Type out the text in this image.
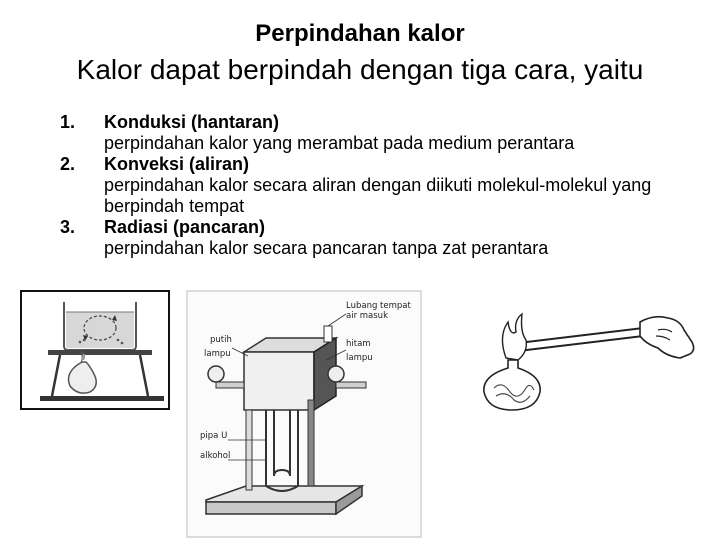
Perpindahan kalor
Kalor dapat berpindah dengan tiga cara, yaitu
1.	Konduksi (hantaran)
perpindahan kalor yang merambat pada medium perantara
2.	Konveksi (aliran)
perpindahan kalor secara aliran dengan diikuti molekul-molekul yang berpindah tempat
3.	Radiasi (pancaran)
perpindahan kalor secara pancaran tanpa zat perantara
Lubang tempat
air masuk
putih
lampu
hitam
lampu
pipa U
alkohol
